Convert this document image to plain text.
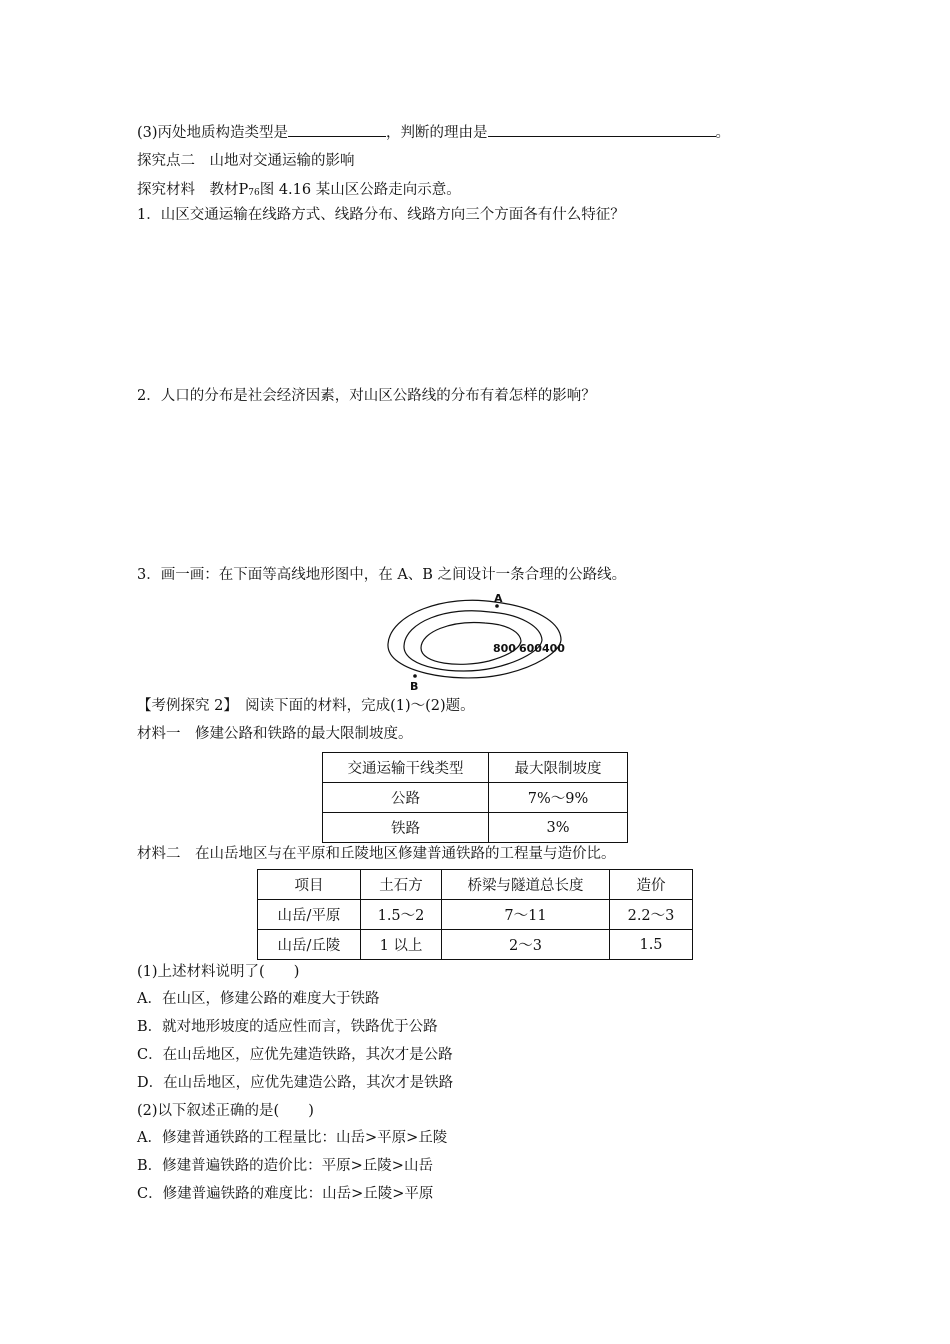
(3)丙处地质构造类型是	，判断的理由是	。
探究点二　山地对交通运输的影响
探究材料　教材P76图 4.16 某山区公路走向示意。
1．山区交通运输在线路方式、线路分布、线路方向三个方面各有什么特征？
2．人口的分布是社会经济因素，对山区公路线的分布有着怎样的影响？
3．画一画：在下面等高线地形图中，在 A、B 之间设计一条合理的公路线。
A
B
800 600 400
【考例探究 2】　阅读下面的材料，完成(1)～(2)题。
材料一　修建公路和铁路的最大限制坡度。
交通运输干线类型	最大限制坡度
公路	7%～9%
铁路	3%
材料二　在山岳地区与在平原和丘陵地区修建普通铁路的工程量与造价比。
项目	土石方	桥梁与隧道总长度	造价
山岳/平原	1.5～2	7～11	2.2～3
山岳/丘陵	1 以上	2～3	1.5
(1)上述材料说明了(　　)
A．在山区，修建公路的难度大于铁路
B．就对地形坡度的适应性而言，铁路优于公路
C．在山岳地区，应优先建造铁路，其次才是公路
D．在山岳地区，应优先建造公路，其次才是铁路
(2)以下叙述正确的是(　　)
A．修建普通铁路的工程量比：山岳>平原>丘陵
B．修建普遍铁路的造价比：平原>丘陵>山岳
C．修建普遍铁路的难度比：山岳>丘陵>平原
